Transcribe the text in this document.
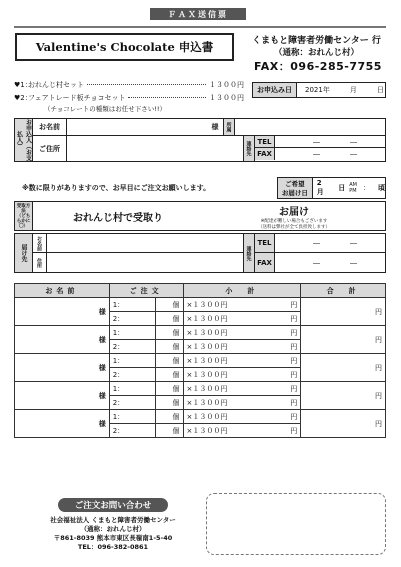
ＦＡＸ送信票
Valentine's Chocolate 申込書	くまもと障害者労働センター 行
（通称：おれんじ村）
FAX：096-285-7755
♥1：
おれんじ村セット	１３００円
♥2：
フェアトレード板チョコセット	１３００円
（チョコレートの種類はお任せ下さい!!）
お申込み日	2021年	月	日
お申込人（お支払人）
お名前	様	所属
ご住所	連絡先 TEL	―	―
FAX	―	―
※数に限りがありますので、お早目にご注文お願いします。	ご希望
お届け日
2月	日 AM
PM ： 頃
受取方法
（どちらかに〇）
おれんじ村で受取り
お届け
※配達が難しい場合もございます
（送料は弊社が全て負担致します）
届け先
お名前
住所
連絡先
TEL	―	―
FAX	―	―
お名前	ご注文		小　計	合　計
様	1：	個	×１３００円 円	円
	2：	個	×１３００円 円	

様	1：	個	×１３００円 円	円
	2：	個	×１３００円 円	

様	1：	個	×１３００円 円	円
	2：	個	×１３００円 円	

様	1：	個	×１３００円 円	円
	2：	個	×１３００円 円	

様	1：	個	×１３００円 円	円
	2：	個	×１３００円 円	
ご注文お問い合わせ
社会福祉法人 くまもと障害者労働センター
（通称：おれんじ村）
〒861-8039 熊本市東区長嶺南1-5-40
TEL：096-382-0861
